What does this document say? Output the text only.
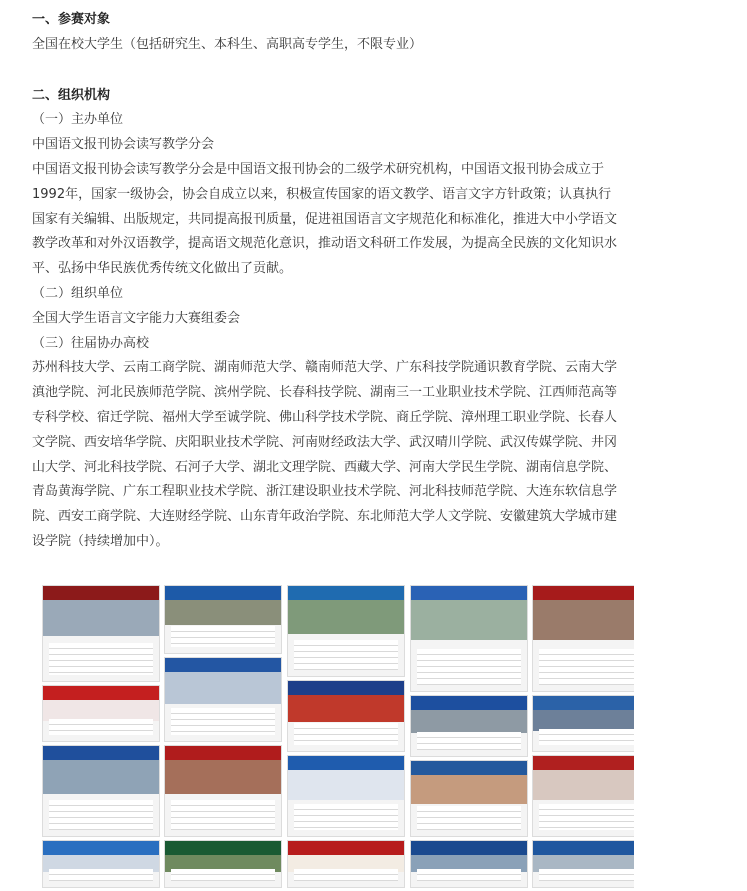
一、参赛对象

全国在校大学生（包括研究生、本科生、高职高专学生，不限专业）

二、组织机构

（一）主办单位

中国语文报刊协会读写教学分会

中国语文报刊协会读写教学分会是中国语文报刊协会的二级学术研究机构，中国语文报刊协会成立于

1992年，国家一级协会，协会自成立以来，积极宣传国家的语文教学、语言文字方针政策；认真执行

国家有关编辑、出版规定，共同提高报刊质量，促进祖国语言文字规范化和标准化，推进大中小学语文

教学改革和对外汉语教学，提高语文规范化意识，推动语文科研工作发展，为提高全民族的文化知识水

平、弘扬中华民族优秀传统文化做出了贡献。

（二）组织单位

全国大学生语言文字能力大赛组委会

（三）往届协办高校

苏州科技大学、云南工商学院、湖南师范大学、赣南师范大学、广东科技学院通识教育学院、云南大学

滇池学院、河北民族师范学院、滨州学院、长春科技学院、湖南三一工业职业技术学院、江西师范高等

专科学校、宿迁学院、福州大学至诚学院、佛山科学技术学院、商丘学院、漳州理工职业学院、长春人

文学院、西安培华学院、庆阳职业技术学院、河南财经政法大学、武汉晴川学院、武汉传媒学院、井冈

山大学、河北科技学院、石河子大学、湖北文理学院、西藏大学、河南大学民生学院、湖南信息学院、

青岛黄海学院、广东工程职业技术学院、浙江建设职业技术学院、河北科技师范学院、大连东软信息学

院、西安工商学院、大连财经学院、山东青年政治学院、东北师范大学人文学院、安徽建筑大学城市建

设学院（持续增加中）。
